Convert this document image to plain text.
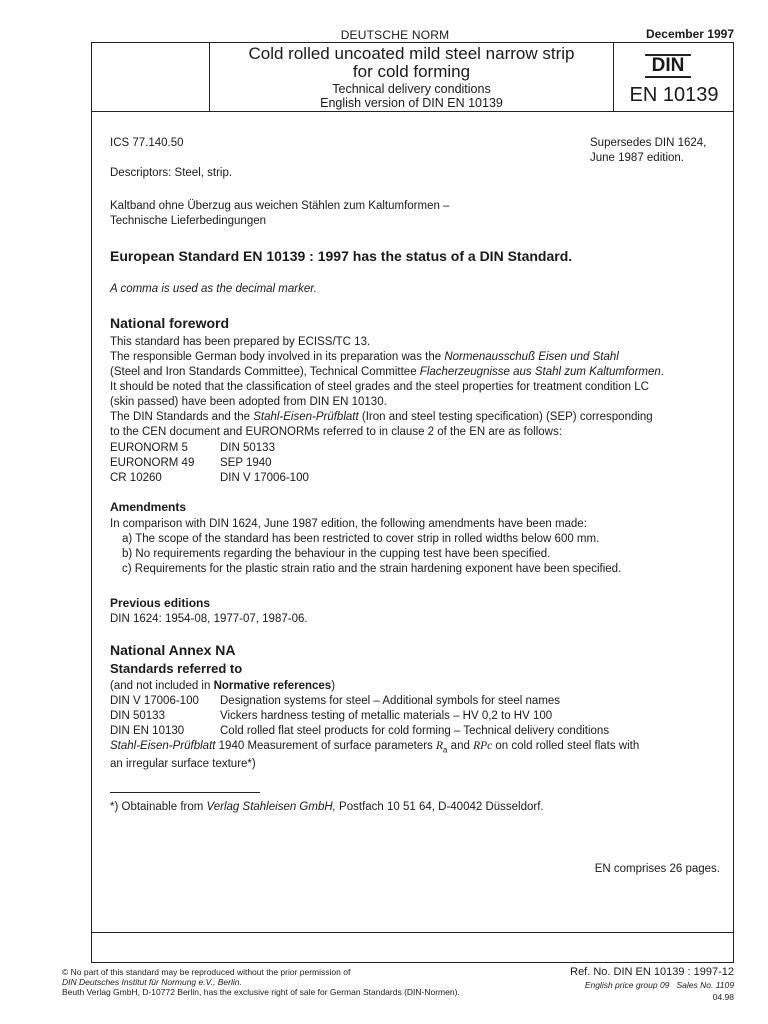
DEUTSCHE NORM	December 1997
Cold rolled uncoated mild steel narrow strip
for cold forming
Technical delivery conditions
English version of DIN EN 10139
DIN
EN 10139
ICS 77.140.50	Supersedes DIN 1624,
June 1987 edition.
Descriptors: Steel, strip.
Kaltband ohne Überzug aus weichen Stählen zum Kaltumformen –
Technische Lieferbedingungen
European Standard EN 10139 : 1997 has the status of a DIN Standard.
A comma is used as the decimal marker.
National foreword
This standard has been prepared by ECISS/TC 13.
The responsible German body involved in its preparation was the Normenausschuß Eisen und Stahl
(Steel and Iron Standards Committee), Technical Committee Flacherzeugnisse aus Stahl zum Kaltumformen.
It should be noted that the classification of steel grades and the steel properties for treatment condition LC
(skin passed) have been adopted from DIN EN 10130.
The DIN Standards and the Stahl-Eisen-Prüfblatt (Iron and steel testing specification) (SEP) corresponding
to the CEN document and EURONORMs referred to in clause 2 of the EN are as follows:
EURONORM 5	DIN 50133
EURONORM 49	SEP 1940
CR 10260	DIN V 17006-100
Amendments
In comparison with DIN 1624, June 1987 edition, the following amendments have been made:
a) The scope of the standard has been restricted to cover strip in rolled widths below 600 mm.
b) No requirements regarding the behaviour in the cupping test have been specified.
c) Requirements for the plastic strain ratio and the strain hardening exponent have been specified.
Previous editions
DIN 1624: 1954-08, 1977-07, 1987-06.
National Annex NA
Standards referred to
(and not included in Normative references)
DIN V 17006-100	Designation systems for steel – Additional symbols for steel names
DIN 50133	Vickers hardness testing of metallic materials – HV 0,2 to HV 100
DIN EN 10130	Cold rolled flat steel products for cold forming – Technical delivery conditions
Stahl-Eisen-Prüfblatt 1940 Measurement of surface parameters $R_a$ and RPc on cold rolled steel flats with
an irregular surface texture*)
*) Obtainable from Verlag Stahleisen GmbH, Postfach 10 51 64, D-40042 Düsseldorf.
EN comprises 26 pages.
© No part of this standard may be reproduced without the prior permission of
DIN Deutsches Institut für Normung e.V., Berlin.
Beuth Verlag GmbH, D-10772 Berlin, has the exclusive right of sale for German Standards (DIN-Normen).
Ref. No. DIN EN 10139 : 1997-12
English price group 09 Sales No. 1109
04.98
